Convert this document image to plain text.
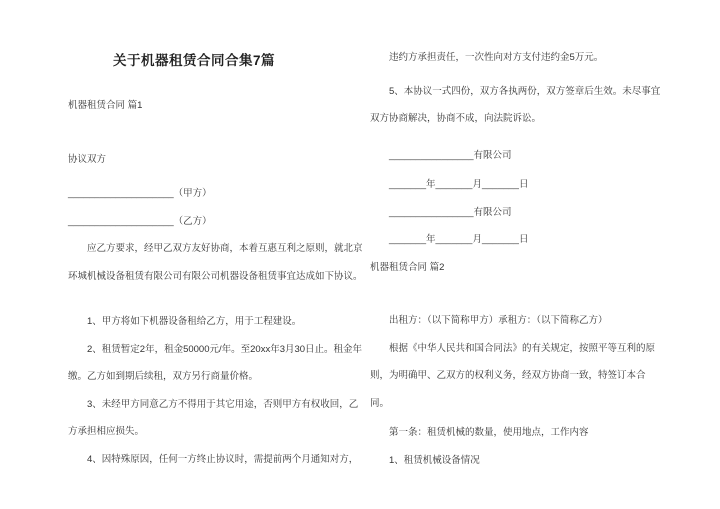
关于机器租赁合同合集7篇

机器租赁合同 篇1

协议双方

____________________（甲方）

____________________（乙方）

应乙方要求，经甲乙双方友好协商，本着互惠互利之原则，就北京环城机械设备租赁有限公司有限公司机器设备租赁事宜达成如下协议。

1、甲方将如下机器设备租给乙方，用于工程建设。

2、租赁暂定2年，租金50000元/年。至20xx年3月30日止。租金年缴。乙方如到期后续租，双方另行商量价格。

3、未经甲方同意乙方不得用于其它用途，否则甲方有权收回，乙方承担相应损失。

4、因特殊原因，任何一方终止协议时，需提前两个月通知对方，

违约方承担责任，一次性向对方支付违约金5万元。

5、本协议一式四份，双方各执两份，双方签章后生效。未尽事宜双方协商解决，协商不成，向法院诉讼。

________________有限公司

_______年_______月_______日

________________有限公司

_______年_______月_______日

机器租赁合同 篇2

出租方：（以下简称甲方）承租方：（以下简称乙方）

根据《中华人民共和国合同法》的有关规定，按照平等互利的原则，为明确甲、乙双方的权利义务，经双方协商一致，特签订本合同。

第一条：租赁机械的数量，使用地点，工作内容

1、租赁机械设备情况
